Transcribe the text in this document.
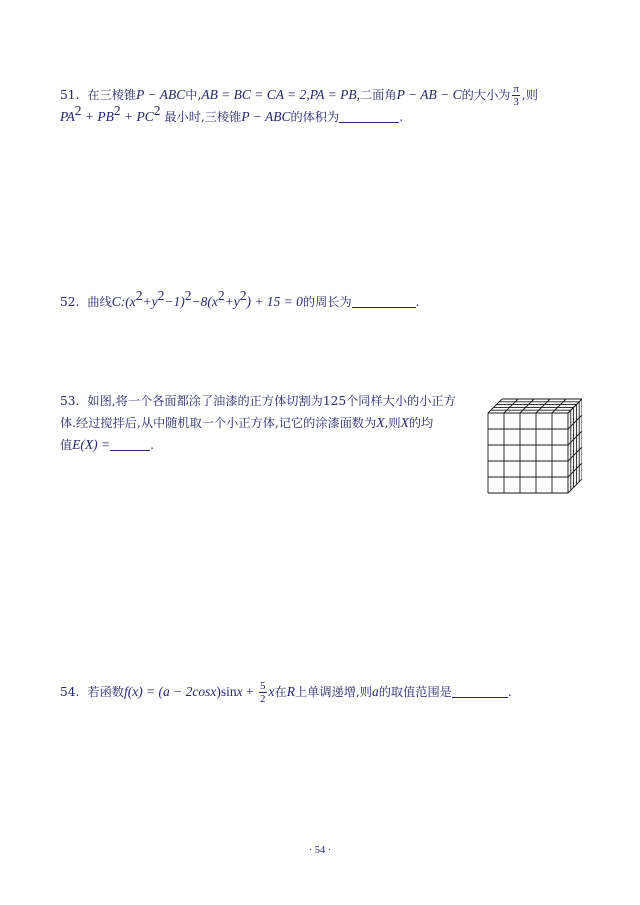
51. 在三棱锥P − ABC中,AB = BC = CA = 2,PA = PB,二面角P − AB − C的大小为 $\frac{\pi}{3}$ ,则
$PA^2 + PB^2 + PC^2$ 最小时,三棱锥P − ABC的体积为	.
52. 曲线$C:(x^2+y^2-1)^2-8(x^2+y^2) + 15 = 0$的周长为	.
53. 如图,将一个各面都涂了油漆的正方体切割为125个同样大小的小正方
体.经过搅拌后,从中随机取一个小正方体,记它的涂漆面数为X,则X的均
值E(X) =	.
54. 若函数$f(x) = (a - 2\cos x)\sin x + \frac{5}{2}$ x在R上单调递增,则a的取值范围是	.
· 54 ·
